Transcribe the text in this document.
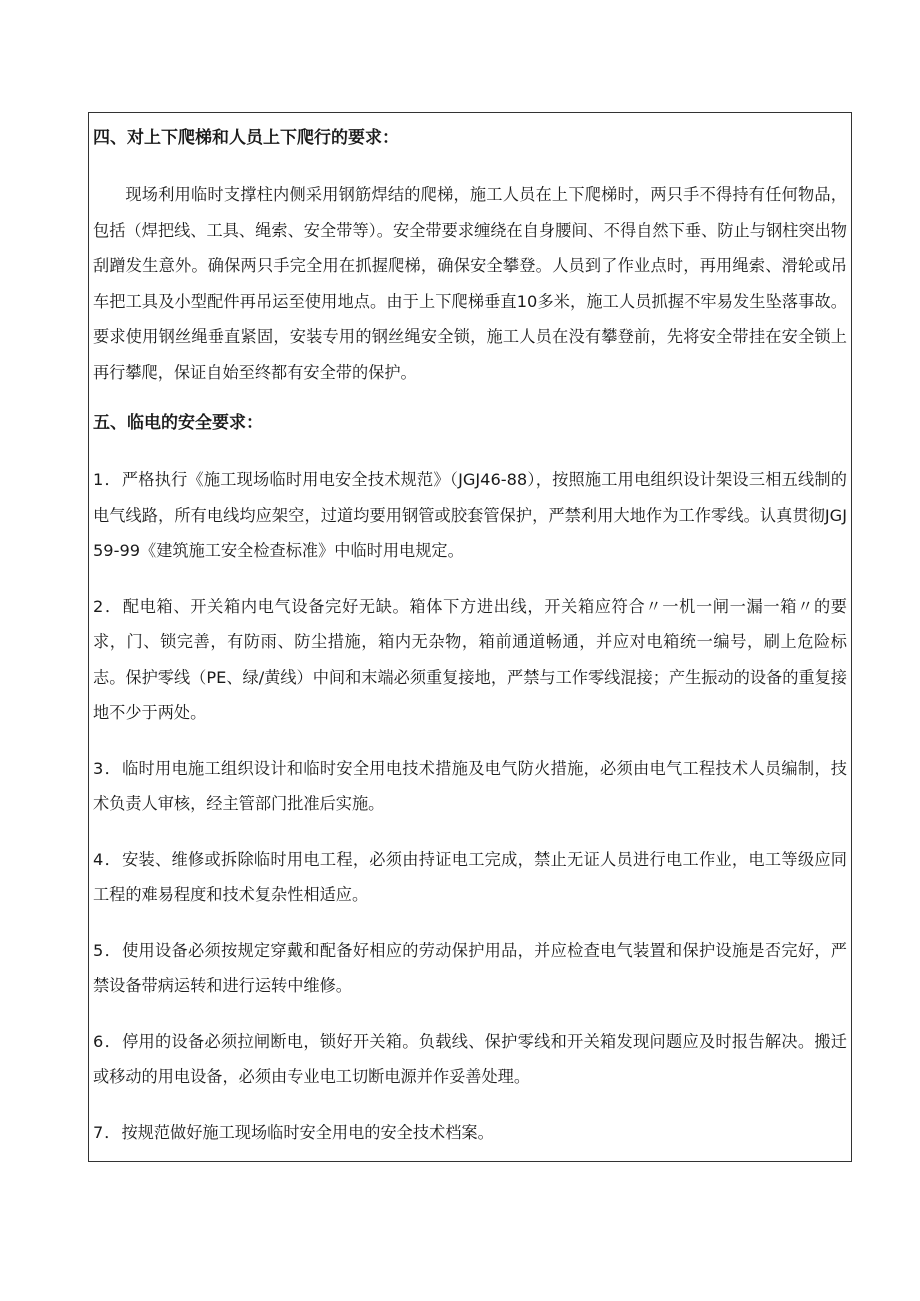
四、对上下爬梯和人员上下爬行的要求：

现场利用临时支撑柱内侧采用钢筋焊结的爬梯，施工人员在上下爬梯时，两只手不得持有任何物品，包括（焊把线、工具、绳索、安全带等）。安全带要求缠绕在自身腰间、不得自然下垂、防止与钢柱突出物刮蹭发生意外。确保两只手完全用在抓握爬梯，确保安全攀登。人员到了作业点时，再用绳索、滑轮或吊车把工具及小型配件再吊运至使用地点。由于上下爬梯垂直10多米，施工人员抓握不牢易发生坠落事故。要求使用钢丝绳垂直紧固，安装专用的钢丝绳安全锁，施工人员在没有攀登前，先将安全带挂在安全锁上再行攀爬，保证自始至终都有安全带的保护。

五、临电的安全要求：

1．严格执行《施工现场临时用电安全技术规范》（JGJ46-88），按照施工用电组织设计架设三相五线制的电气线路，所有电线均应架空，过道均要用钢管或胶套管保护，严禁利用大地作为工作零线。认真贯彻JGJ59-99《建筑施工安全检查标准》中临时用电规定。

2．配电箱、开关箱内电气设备完好无缺。箱体下方进出线，开关箱应符合〃一机一闸一漏一箱〃的要求，门、锁完善，有防雨、防尘措施，箱内无杂物，箱前通道畅通，并应对电箱统一编号，刷上危险标志。保护零线（PE、绿/黄线）中间和末端必须重复接地，严禁与工作零线混接；产生振动的设备的重复接地不少于两处。

3．临时用电施工组织设计和临时安全用电技术措施及电气防火措施，必须由电气工程技术人员编制，技术负责人审核，经主管部门批准后实施。

4．安装、维修或拆除临时用电工程，必须由持证电工完成，禁止无证人员进行电工作业，电工等级应同工程的难易程度和技术复杂性相适应。

5．使用设备必须按规定穿戴和配备好相应的劳动保护用品，并应检查电气装置和保护设施是否完好，严禁设备带病运转和进行运转中维修。

6．停用的设备必须拉闸断电，锁好开关箱。负载线、保护零线和开关箱发现问题应及时报告解决。搬迁或移动的用电设备，必须由专业电工切断电源并作妥善处理。

7．按规范做好施工现场临时安全用电的安全技术档案。
